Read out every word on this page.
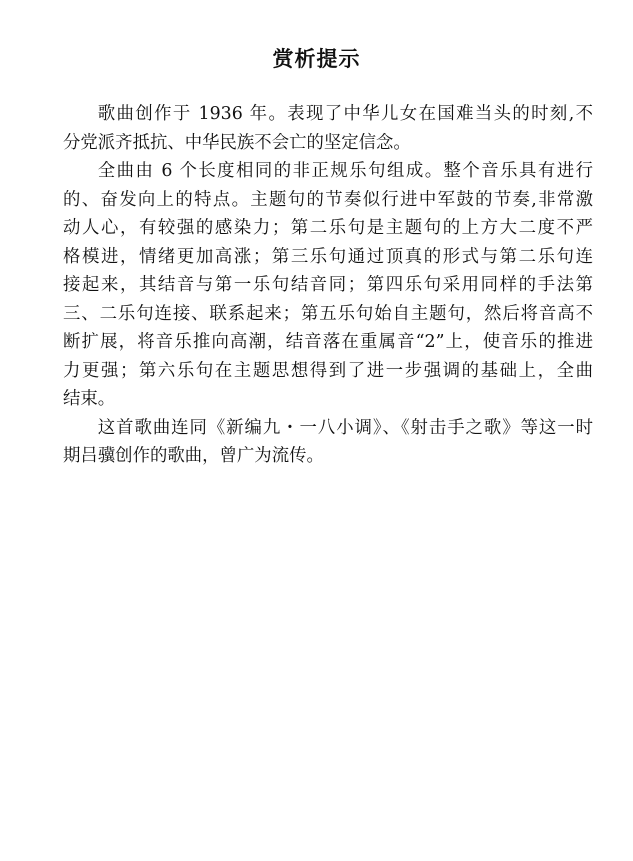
赏析提示

歌曲创作于 1936 年。表现了中华儿女在国难当头的时刻,不
分党派齐抵抗、中华民族不会亡的坚定信念。

全曲由 6 个长度相同的非正规乐句组成。整个音乐具有进行
的、奋发向上的特点。主题句的节奏似行进中军鼓的节奏,非常激
动人心，有较强的感染力；第二乐句是主题句的上方大二度不严
格模进，情绪更加高涨；第三乐句通过顶真的形式与第二乐句连
接起来，其结音与第一乐句结音同；第四乐句采用同样的手法第
三、二乐句连接、联系起来；第五乐句始自主题句，然后将音高不
断扩展，将音乐推向高潮，结音落在重属音“2”上，使音乐的推进
力更强；第六乐句在主题思想得到了进一步强调的基础上，全曲
结束。

这首歌曲连同《新编九・一八小调》、《射击手之歌》等这一时
期吕骥创作的歌曲，曾广为流传。
